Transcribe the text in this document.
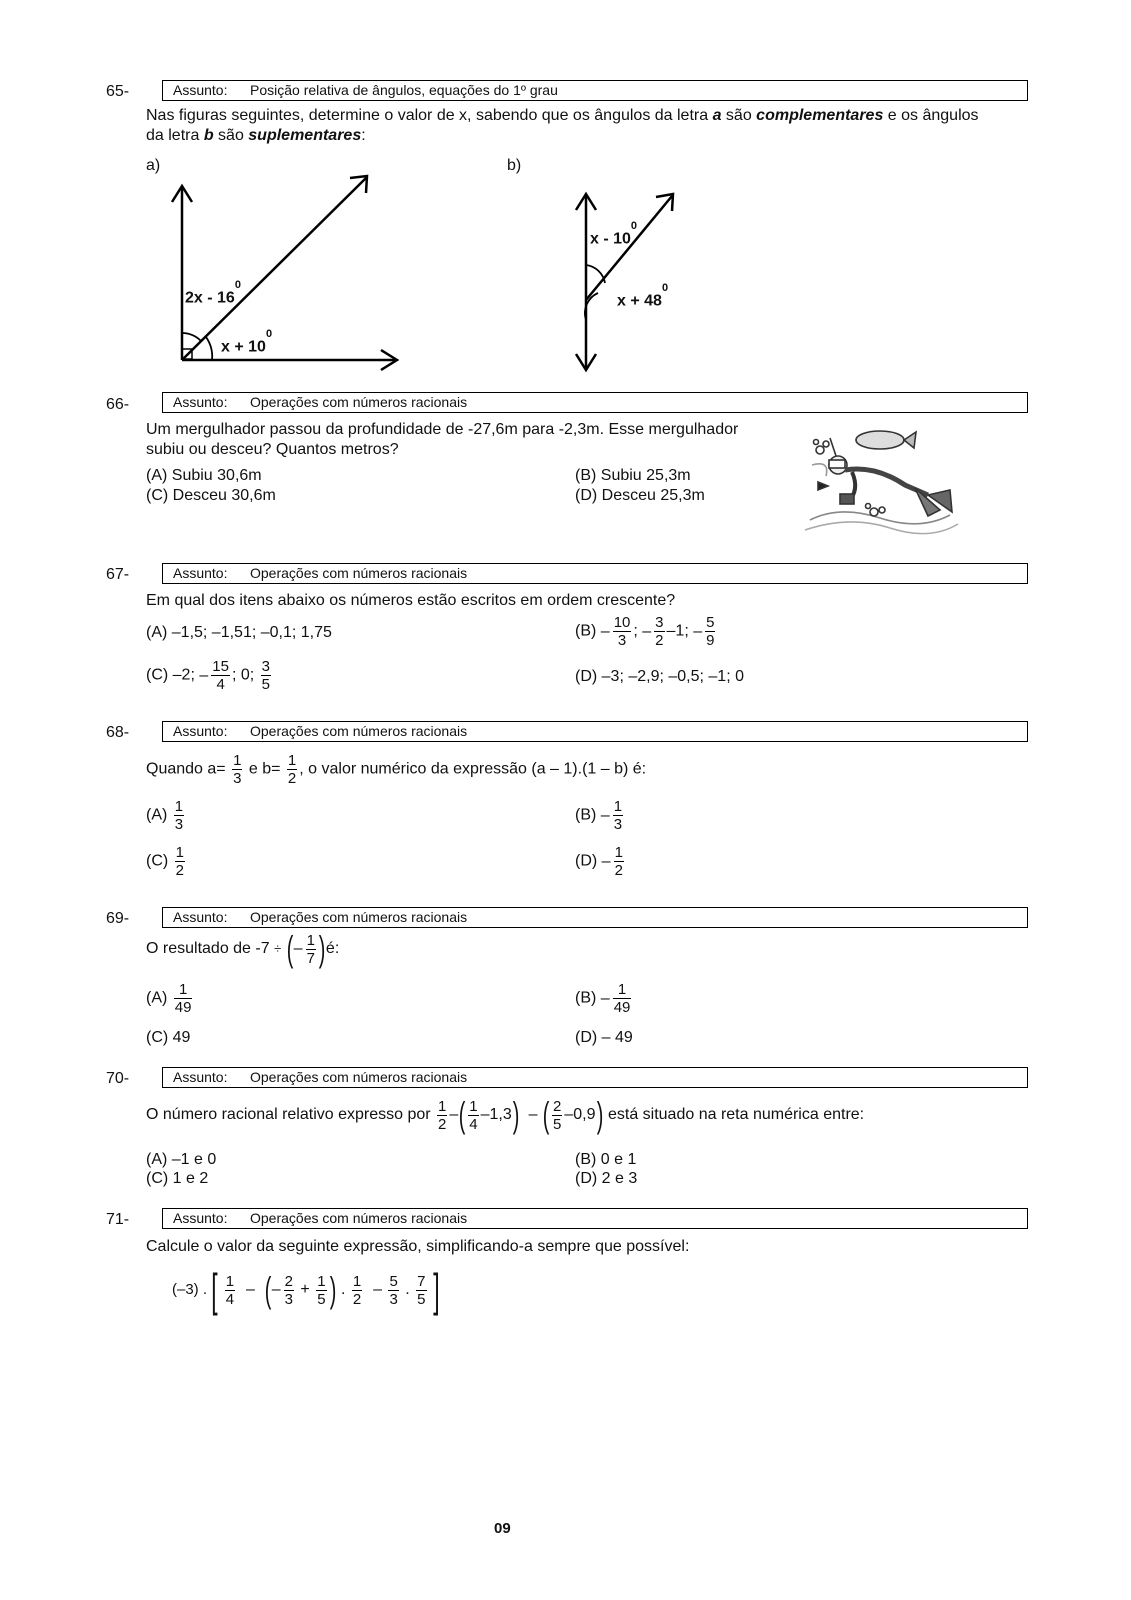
65-	Assunto: Posição relativa de ângulos, equações do 1º grau
Nas figuras seguintes, determine o valor de x, sabendo que os ângulos da letra a são complementares e os ângulos
da letra b são suplementares:
a)	b)
$2x - 16^0$
$x + 10^0$
x - $10^0$
$x + 48^0$
66-	Assunto: Operações com números racionais
Um mergulhador passou da profundidade de -27,6m para -2,3m. Esse mergulhador
subiu ou desceu? Quantos metros?
(A) Subiu 30,6m	(B) Subiu 25,3m
(C) Desceu 30,6m	(D) Desceu 25,3m
67-	Assunto: Operações com números racionais
Em qual dos itens abaixo os números estão escritos em ordem crescente?
(A) –1,5; –1,51; –0,1; 1,75	$(B) - \frac{10}{3}$ ; – $\frac{3}{2} -1$; – $\frac{5}{9}$
(C) –2; – $\frac{15}{4}$ ; 0; $\frac{3}{5}$	(D) –3; –2,9; –0,5; –1; 0
68-	Assunto: Operações com números racionais
Quando $a= \frac{1}{3}$ e $b= \frac{1}{2}$ , o valor numérico da expressão (a – 1).(1 – b) é:
$(A) \frac{1}{3}$	$(B) - \frac{1}{3}$
$(C) \frac{1}{2}$	$(D) - \frac{1}{2}$
69-	Assunto: Operações com números racionais
O resultado de -7 ÷ (– $\frac{1}{7}$ )é:
$(A) \frac{1}{49}$	$(B) - \frac{1}{49}$
(C) 49	(D) – 49
70-	Assunto: Operações com números racionais
O número racional relativo expresso por $\frac{1}{2}$ –( $\frac{1}{4} -1,3$)  – ( $\frac{2}{5} -0,9$) está situado na reta numérica entre:
(A) –1 e 0	(B) 0 e 1
(C) 1 e 2	(D) 2 e 3
71-	Assunto: Operações com números racionais
Calcule o valor da seguinte expressão, simplificando-a sempre que possível:
(–3) . [ $\frac{1}{4}$ –  (– $\frac{2}{3} + \frac{1}{5}$ ) . $\frac{1}{2} - \frac{5}{3}$ . $\frac{7}{5}$ ]
09
